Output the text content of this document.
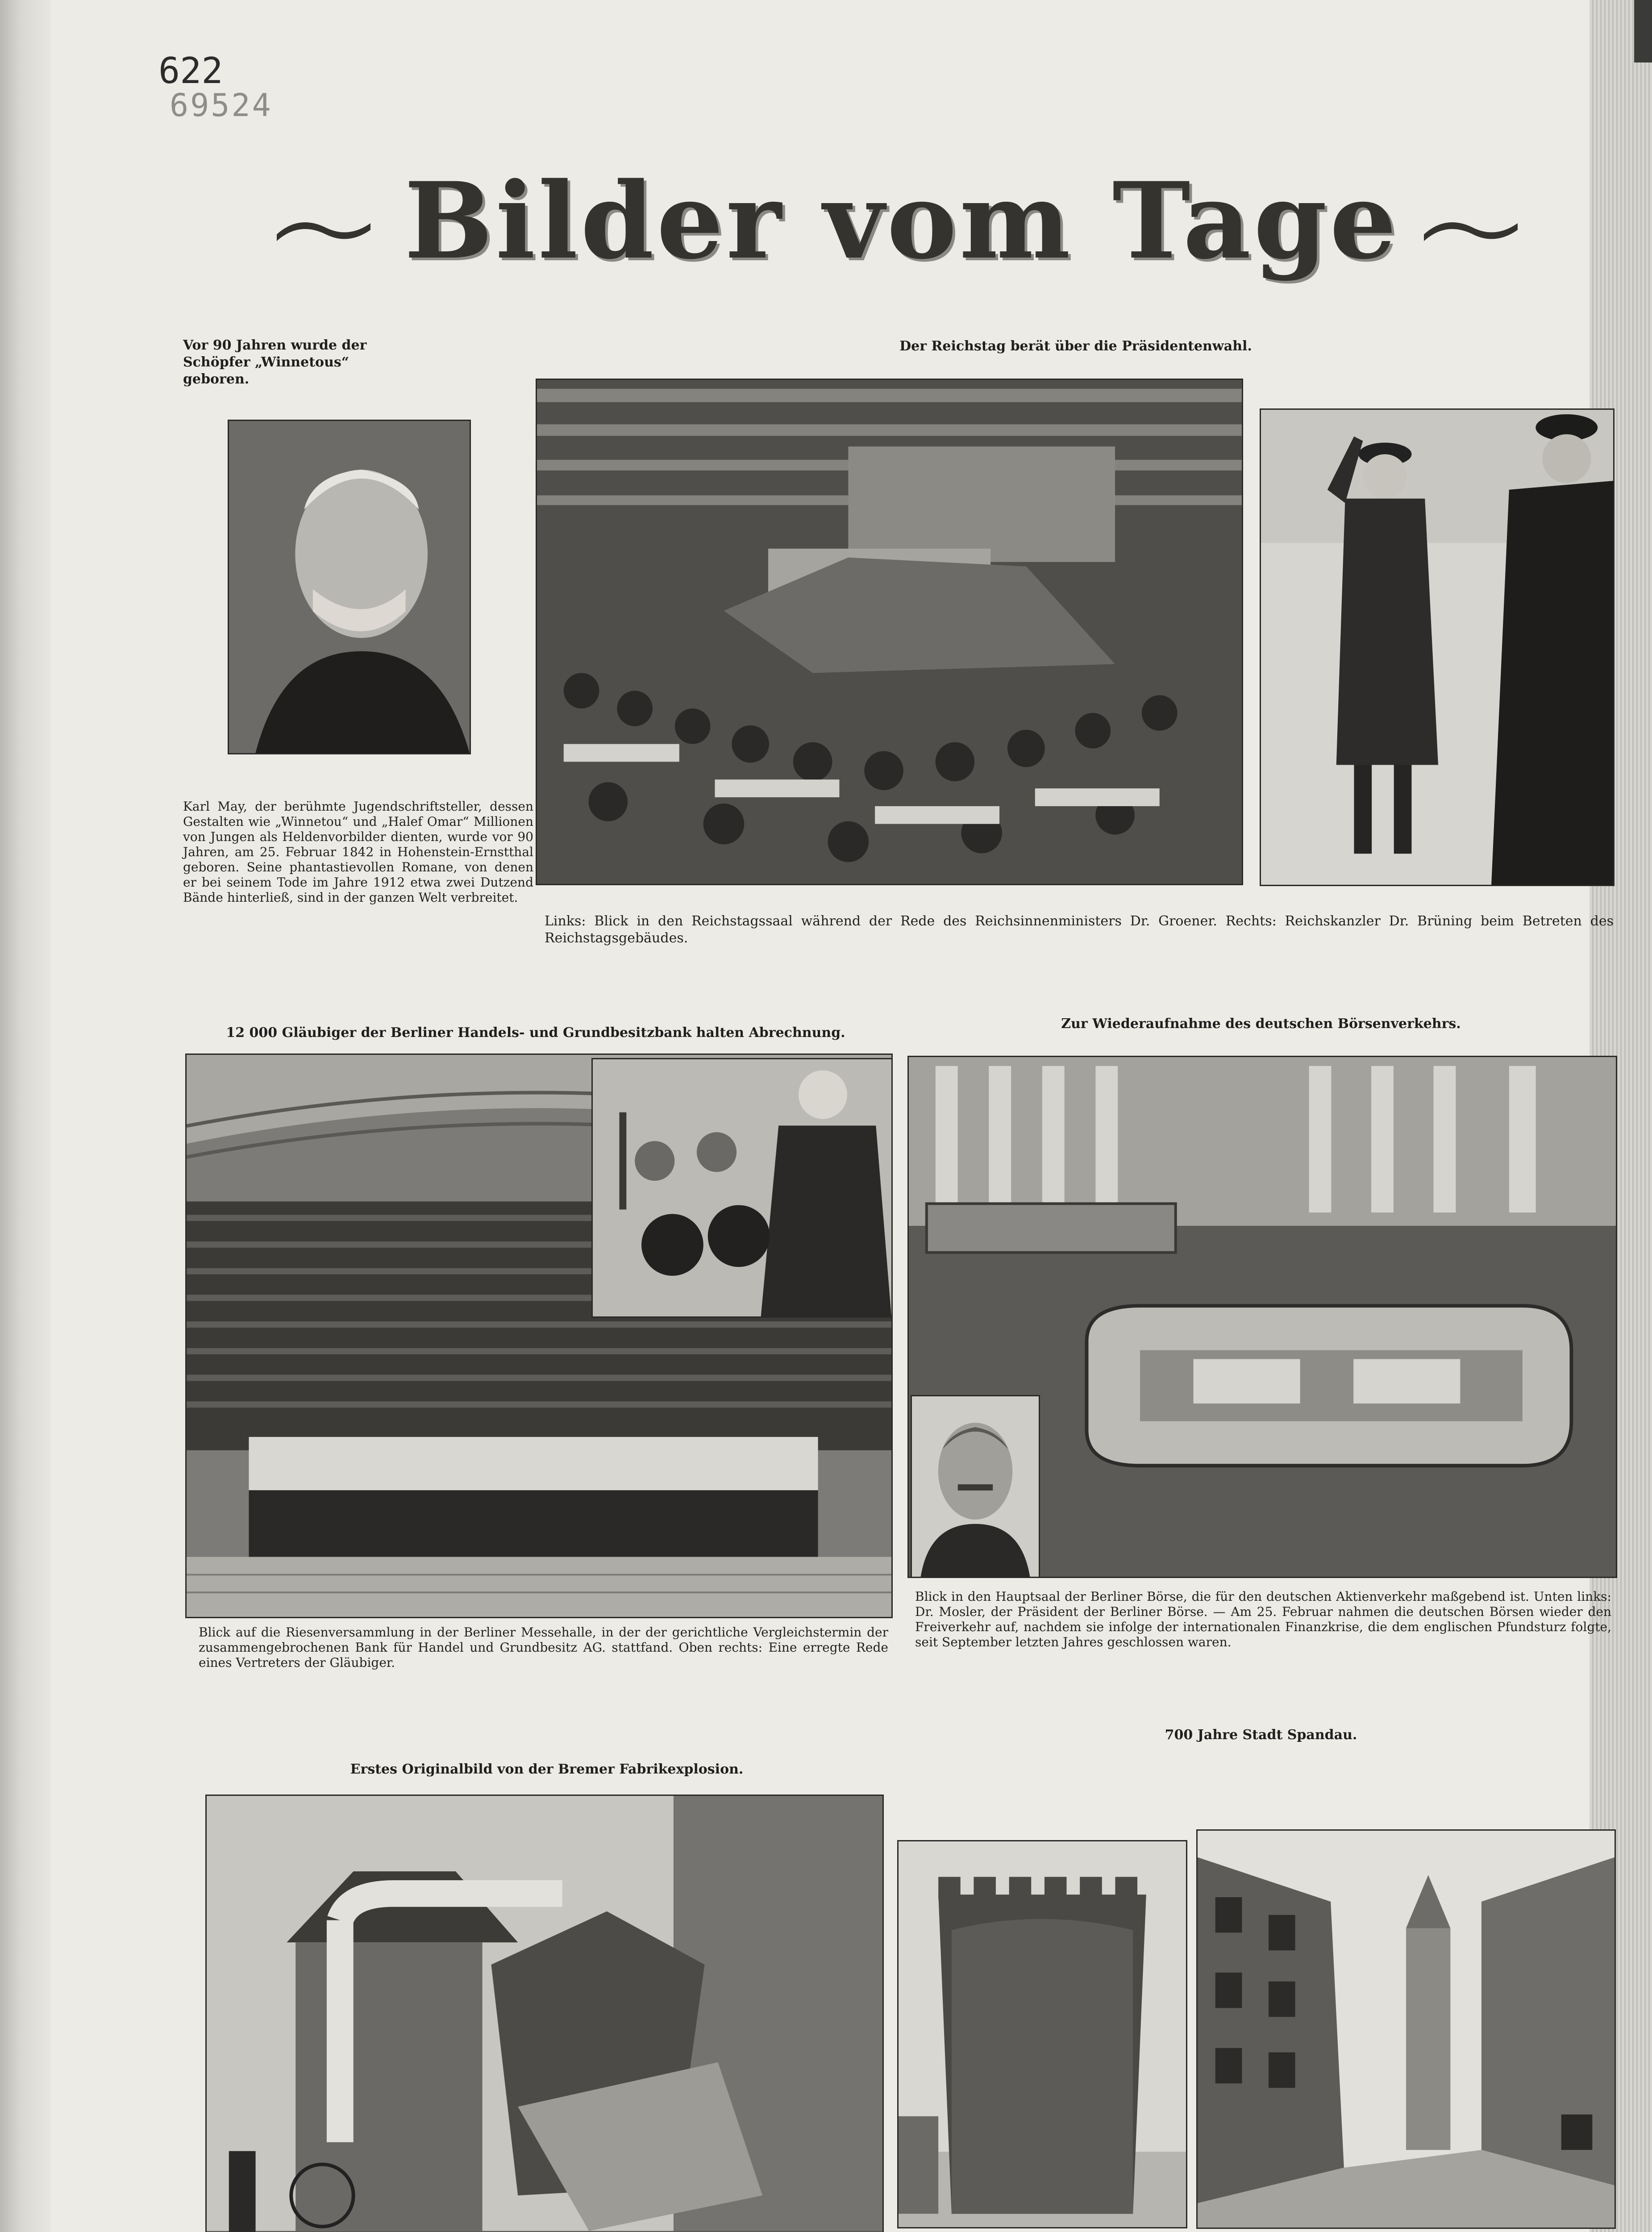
622
69524
Bilder vom Tage
Vor 90 Jahren wurde der Schöpfer „Winnetous“ geboren.
Karl May, der berühmte Jugendschriftsteller, dessen Gestalten wie „Winnetou“ und „Halef Omar“ Millionen von Jungen als Heldenvorbilder dienten, wurde vor 90 Jahren, am 25. Februar 1842 in Hohenstein-Ernstthal geboren. Seine phantastievollen Romane, von denen er bei seinem Tode im Jahre 1912 etwa zwei Dutzend Bände hinterließ, sind in der ganzen Welt verbreitet.
Der Reichstag berät über die Präsidentenwahl.
Links: Blick in den Reichstagssaal während der Rede des Reichsinnenministers Dr. Groener. Rechts: Reichskanzler Dr. Brüning beim Betreten des Reichstagsgebäudes.
12 000 Gläubiger der Berliner Handels- und Grundbesitzbank halten Abrechnung.
Blick auf die Riesenversammlung in der Berliner Messehalle, in der der gerichtliche Vergleichstermin der zusammengebrochenen Bank für Handel und Grundbesitz AG. stattfand. Oben rechts: Eine erregte Rede eines Vertreters der Gläubiger.
Zur Wiederaufnahme des deutschen Börsenverkehrs.
Blick in den Hauptsaal der Berliner Börse, die für den deutschen Aktienverkehr maßgebend ist. Unten links: Dr. Mosler, der Präsident der Berliner Börse. — Am 25. Februar nahmen die deutschen Börsen wieder den Freiverkehr auf, nachdem sie infolge der internationalen Finanzkrise, die dem englischen Pfundsturz folgte, seit September letzten Jahres geschlossen waren.
Erstes Originalbild von der Bremer Fabrikexplosion.
700 Jahre Stadt Spandau.
